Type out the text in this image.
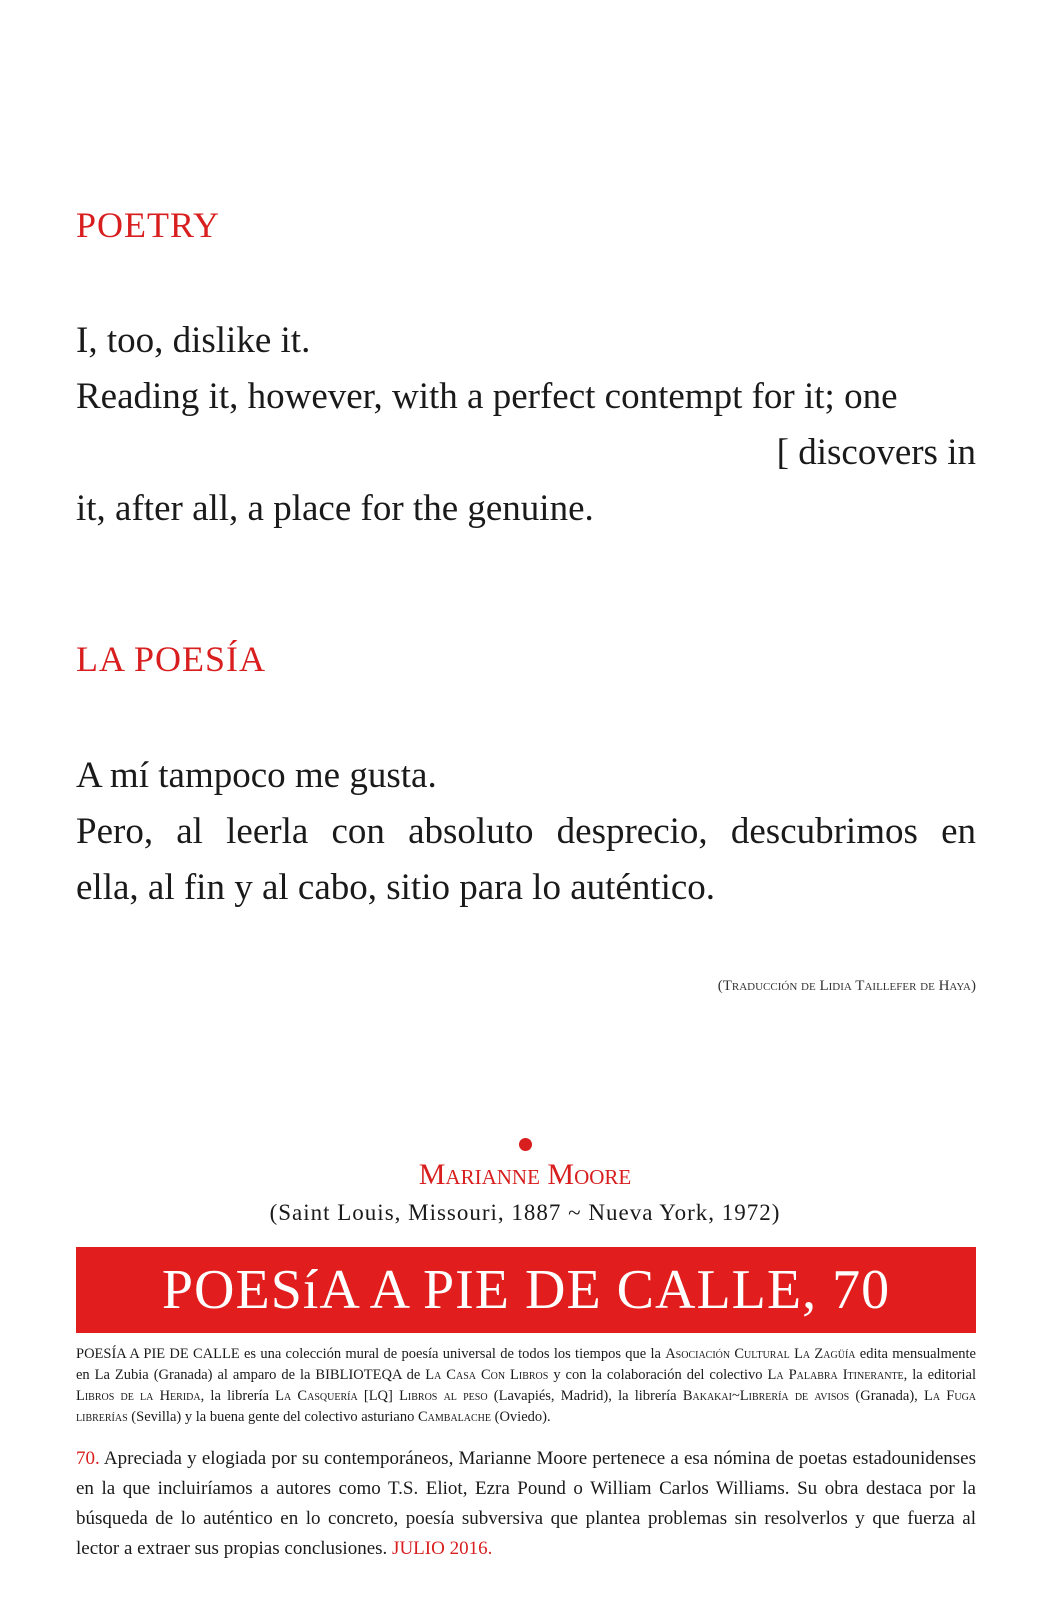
POETRY
I, too, dislike it.
Reading it, however, with a perfect contempt for it; one
[ discovers in
it, after all, a place for the genuine.
LA POESÍA
A mí tampoco me gusta.
Pero, al leerla con absoluto desprecio, descubrimos en
ella, al fin y al cabo, sitio para lo auténtico.
(Traducción de Lidia Taillefer de Haya)
Marianne Moore
(Saint Louis, Missouri, 1887 ~ Nueva York, 1972)
POESíA A PIE DE CALLE, 70
POESÍA A PIE DE CALLE es una colección mural de poesía universal de todos los tiempos que la Asociación Cultural La Zagüía edita mensualmente en La Zubia (Granada) al amparo de la BIBLIOTEQA de La Casa Con Libros y con la colaboración del colectivo La Palabra Itinerante, la editorial Libros de la Herida, la librería La Casquería [LQ] Libros al peso (Lavapiés, Madrid), la librería Bakakai~Librería de avisos (Granada), La Fuga librerías (Sevilla) y la buena gente del colectivo asturiano Cambalache (Oviedo).
70. Apreciada y elogiada por su contemporáneos, Marianne Moore pertenece a esa nómina de poetas estadounidenses en la que incluiríamos a autores como T.S. Eliot, Ezra Pound o William Carlos Williams. Su obra destaca por la búsqueda de lo auténtico en lo concreto, poesía subversiva que plantea problemas sin resolverlos y que fuerza al lector a extraer sus propias conclusiones. JULIO 2016.
